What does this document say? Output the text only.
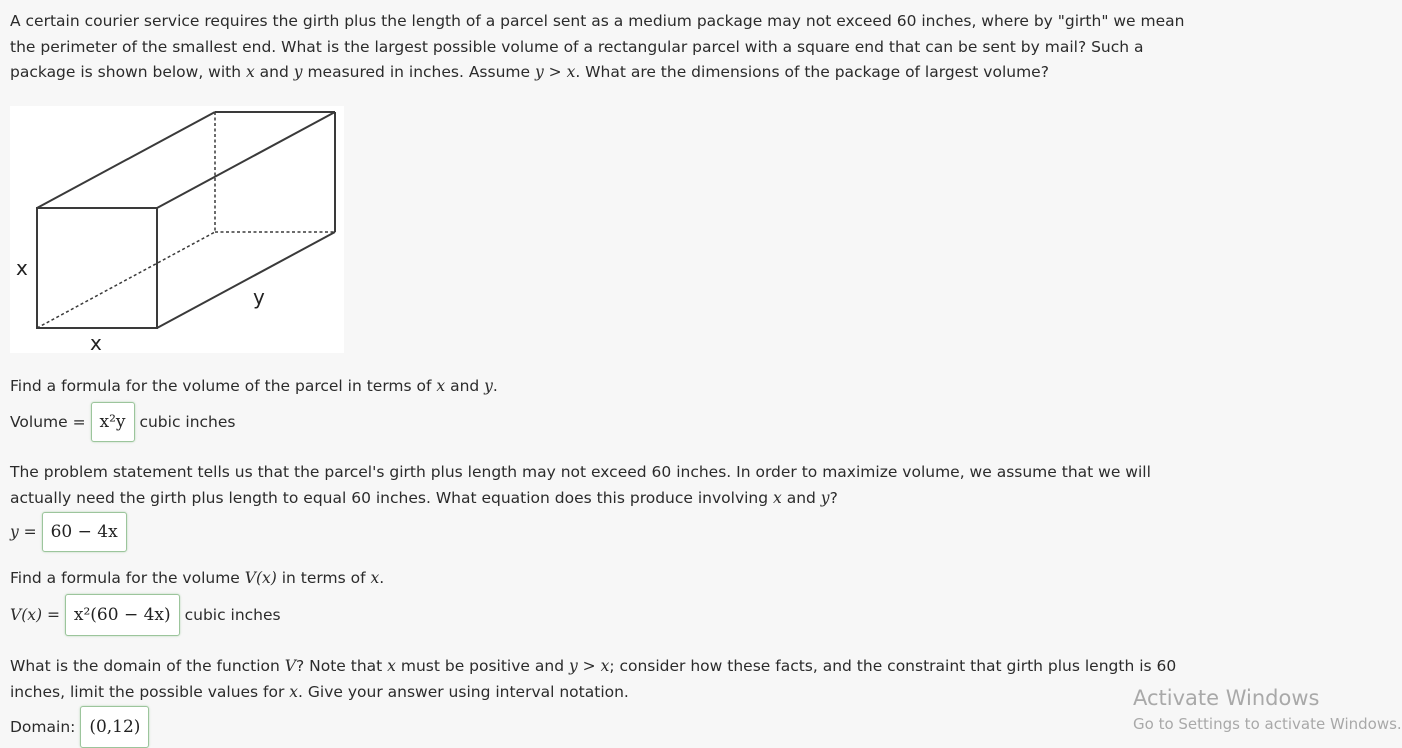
A certain courier service requires the girth plus the length of a parcel sent as a medium package may not exceed 60 inches, where by "girth" we mean the perimeter of the smallest end. What is the largest possible volume of a rectangular parcel with a square end that can be sent by mail? Such a package is shown below, with x and y measured in inches. Assume y > x. What are the dimensions of the package of largest volume?

x
x
y
Find a formula for the volume of the parcel in terms of x and y.
Volume = x²y cubic inches

The problem statement tells us that the parcel's girth plus length may not exceed 60 inches. In order to maximize volume, we assume that we will actually need the girth plus length to equal 60 inches. What equation does this produce involving x and y?

y = 60 − 4x
Find a formula for the volume V(x) in terms of x.
V(x) = x²(60 − 4x) cubic inches

What is the domain of the function V? Note that x must be positive and y > x; consider how these facts, and the constraint that girth plus length is 60 inches, limit the possible values for x. Give your answer using interval notation.

Domain: (0,12)
Activate Windows
Go to Settings to activate Windows.
